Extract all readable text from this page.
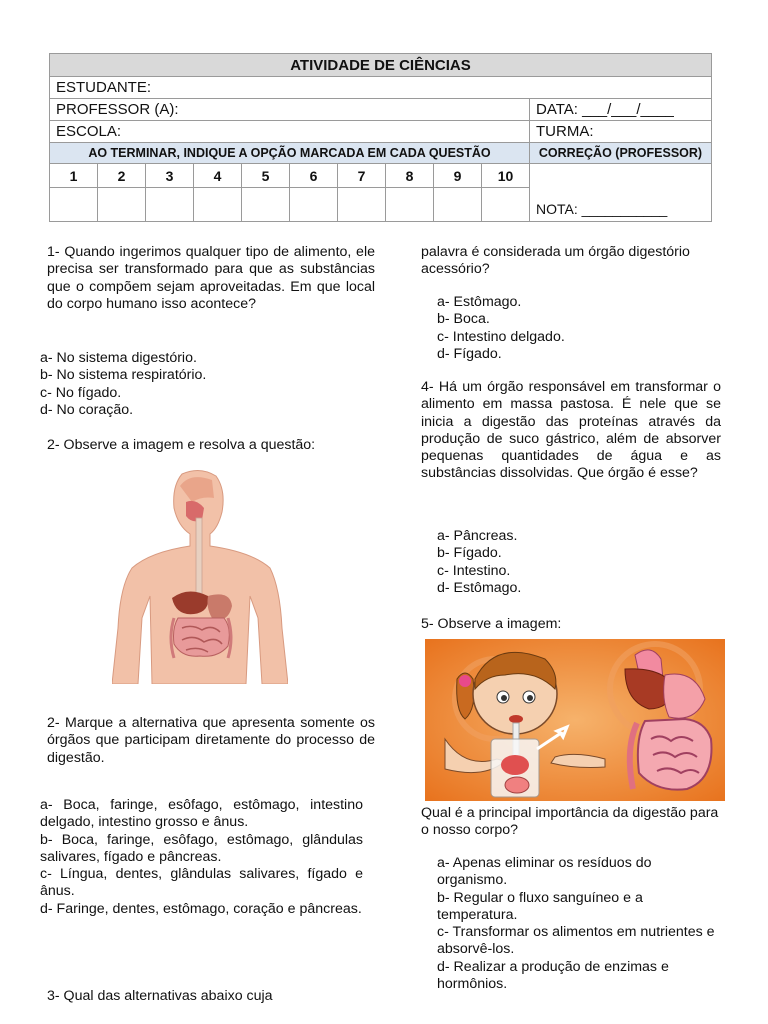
ATIVIDADE DE CIÊNCIAS										
ESTUDANTE:										
PROFESSOR (A):										DATA: ___/___/____
ESCOLA:										TURMA:
AO TERMINAR, INDIQUE A OPÇÃO MARCADA EM CADA QUESTÃO										CORREÇÃO (PROFESSOR)
1	2	3	4	5	6	7	8	9	10	NOTA: ___________

1- Quando ingerimos qualquer tipo de alimento, ele precisa ser transformado para que as substâncias que o compõem sejam aproveitadas. Em que local do corpo humano isso acontece?

a- No sistema digestório.

b- No sistema respiratório.

c- No fígado.

d- No coração.

2- Observe a imagem e resolva a questão:
2- Marque a alternativa que apresenta somente os órgãos que participam diretamente do processo de digestão.

a- Boca, faringe, esôfago, estômago, intestino delgado, intestino grosso e ânus.

b- Boca, faringe, esôfago, estômago, glândulas salivares, fígado e pâncreas.

c- Língua, dentes, glândulas salivares, fígado e ânus.

d- Faringe, dentes, estômago, coração e pâncreas.

3- Qual das alternativas abaixo cuja
palavra é considerada um órgão digestório acessório?

a- Estômago.

b- Boca.

c- Intestino delgado.

d- Fígado.

4- Há um órgão responsável em transformar o alimento em massa pastosa. É nele que se inicia a digestão das proteínas através da produção de suco gástrico, além de absorver pequenas quantidades de água e as substâncias dissolvidas. Que órgão é esse?

a- Pâncreas.

b- Fígado.

c- Intestino.

d- Estômago.

5- Observe a imagem:
Qual é a principal importância da digestão para o nosso corpo?

a- Apenas eliminar os resíduos do organismo.

b- Regular o fluxo sanguíneo e a temperatura.

c- Transformar os alimentos em nutrientes e absorvê-los.

d- Realizar a produção de enzimas e hormônios.
